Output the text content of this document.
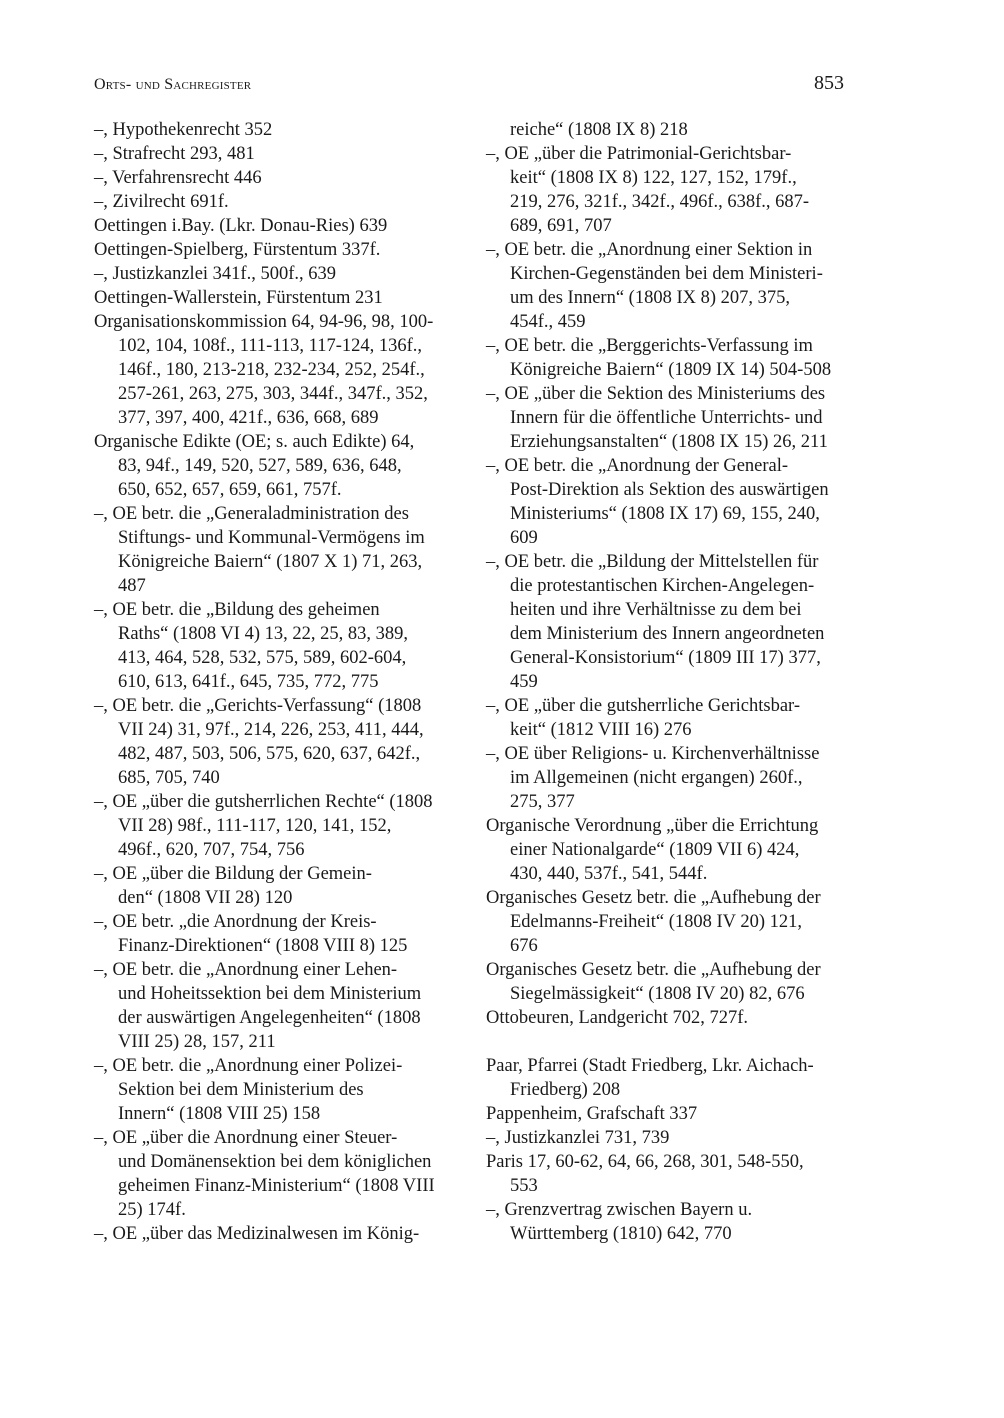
Orts- und Sachregister	853
–, Hypothekenrecht 352
–, Strafrecht 293, 481
–, Verfahrensrecht 446
–, Zivilrecht 691f.
Oettingen i.Bay. (Lkr. Donau-Ries) 639
Oettingen-Spielberg, Fürstentum 337f.
–, Justizkanzlei 341f., 500f., 639
Oettingen-Wallerstein, Fürstentum 231
Organisationskommission 64, 94-96, 98, 100-
102, 104, 108f., 111-113, 117-124, 136f.,
146f., 180, 213-218, 232-234, 252, 254f.,
257-261, 263, 275, 303, 344f., 347f., 352,
377, 397, 400, 421f., 636, 668, 689
Organische Edikte (OE; s. auch Edikte) 64,
83, 94f., 149, 520, 527, 589, 636, 648,
650, 652, 657, 659, 661, 757f.
–, OE betr. die „Generaladministration des
Stiftungs- und Kommunal-Vermögens im
Königreiche Baiern“ (1807 X 1) 71, 263,
487
–, OE betr. die „Bildung des geheimen
Raths“ (1808 VI 4) 13, 22, 25, 83, 389,
413, 464, 528, 532, 575, 589, 602-604,
610, 613, 641f., 645, 735, 772, 775
–, OE betr. die „Gerichts-Verfassung“ (1808
VII 24) 31, 97f., 214, 226, 253, 411, 444,
482, 487, 503, 506, 575, 620, 637, 642f.,
685, 705, 740
–, OE „über die gutsherrlichen Rechte“ (1808
VII 28) 98f., 111-117, 120, 141, 152,
496f., 620, 707, 754, 756
–, OE „über die Bildung der Gemein-
den“ (1808 VII 28) 120
–, OE betr. „die Anordnung der Kreis-
Finanz-Direktionen“ (1808 VIII 8) 125
–, OE betr. die „Anordnung einer Lehen-
und Hoheitssektion bei dem Ministerium
der auswärtigen Angelegenheiten“ (1808
VIII 25) 28, 157, 211
–, OE betr. die „Anordnung einer Polizei-
Sektion bei dem Ministerium des
Innern“ (1808 VIII 25) 158
–, OE „über die Anordnung einer Steuer-
und Domänensektion bei dem königlichen
geheimen Finanz-Ministerium“ (1808 VIII
25) 174f.
–, OE „über das Medizinalwesen im König-
reiche“ (1808 IX 8) 218
–, OE „über die Patrimonial-Gerichtsbar-
keit“ (1808 IX 8) 122, 127, 152, 179f.,
219, 276, 321f., 342f., 496f., 638f., 687-
689, 691, 707
–, OE betr. die „Anordnung einer Sektion in
Kirchen-Gegenständen bei dem Ministeri-
um des Innern“ (1808 IX 8) 207, 375,
454f., 459
–, OE betr. die „Berggerichts-Verfassung im
Königreiche Baiern“ (1809 IX 14) 504-508
–, OE „über die Sektion des Ministeriums des
Innern für die öffentliche Unterrichts- und
Erziehungsanstalten“ (1808 IX 15) 26, 211
–, OE betr. die „Anordnung der General-
Post-Direktion als Sektion des auswärtigen
Ministeriums“ (1808 IX 17) 69, 155, 240,
609
–, OE betr. die „Bildung der Mittelstellen für
die protestantischen Kirchen-Angelegen-
heiten und ihre Verhältnisse zu dem bei
dem Ministerium des Innern angeordneten
General-Konsistorium“ (1809 III 17) 377,
459
–, OE „über die gutsherrliche Gerichtsbar-
keit“ (1812 VIII 16) 276
–, OE über Religions- u. Kirchenverhältnisse
im Allgemeinen (nicht ergangen) 260f.,
275, 377
Organische Verordnung „über die Errichtung
einer Nationalgarde“ (1809 VII 6) 424,
430, 440, 537f., 541, 544f.
Organisches Gesetz betr. die „Aufhebung der
Edelmanns-Freiheit“ (1808 IV 20) 121,
676
Organisches Gesetz betr. die „Aufhebung der
Siegelmässigkeit“ (1808 IV 20) 82, 676
Ottobeuren, Landgericht 702, 727f.
Paar, Pfarrei (Stadt Friedberg, Lkr. Aichach-
Friedberg) 208
Pappenheim, Grafschaft 337
–, Justizkanzlei 731, 739
Paris 17, 60-62, 64, 66, 268, 301, 548-550,
553
–, Grenzvertrag zwischen Bayern u.
Württemberg (1810) 642, 770
